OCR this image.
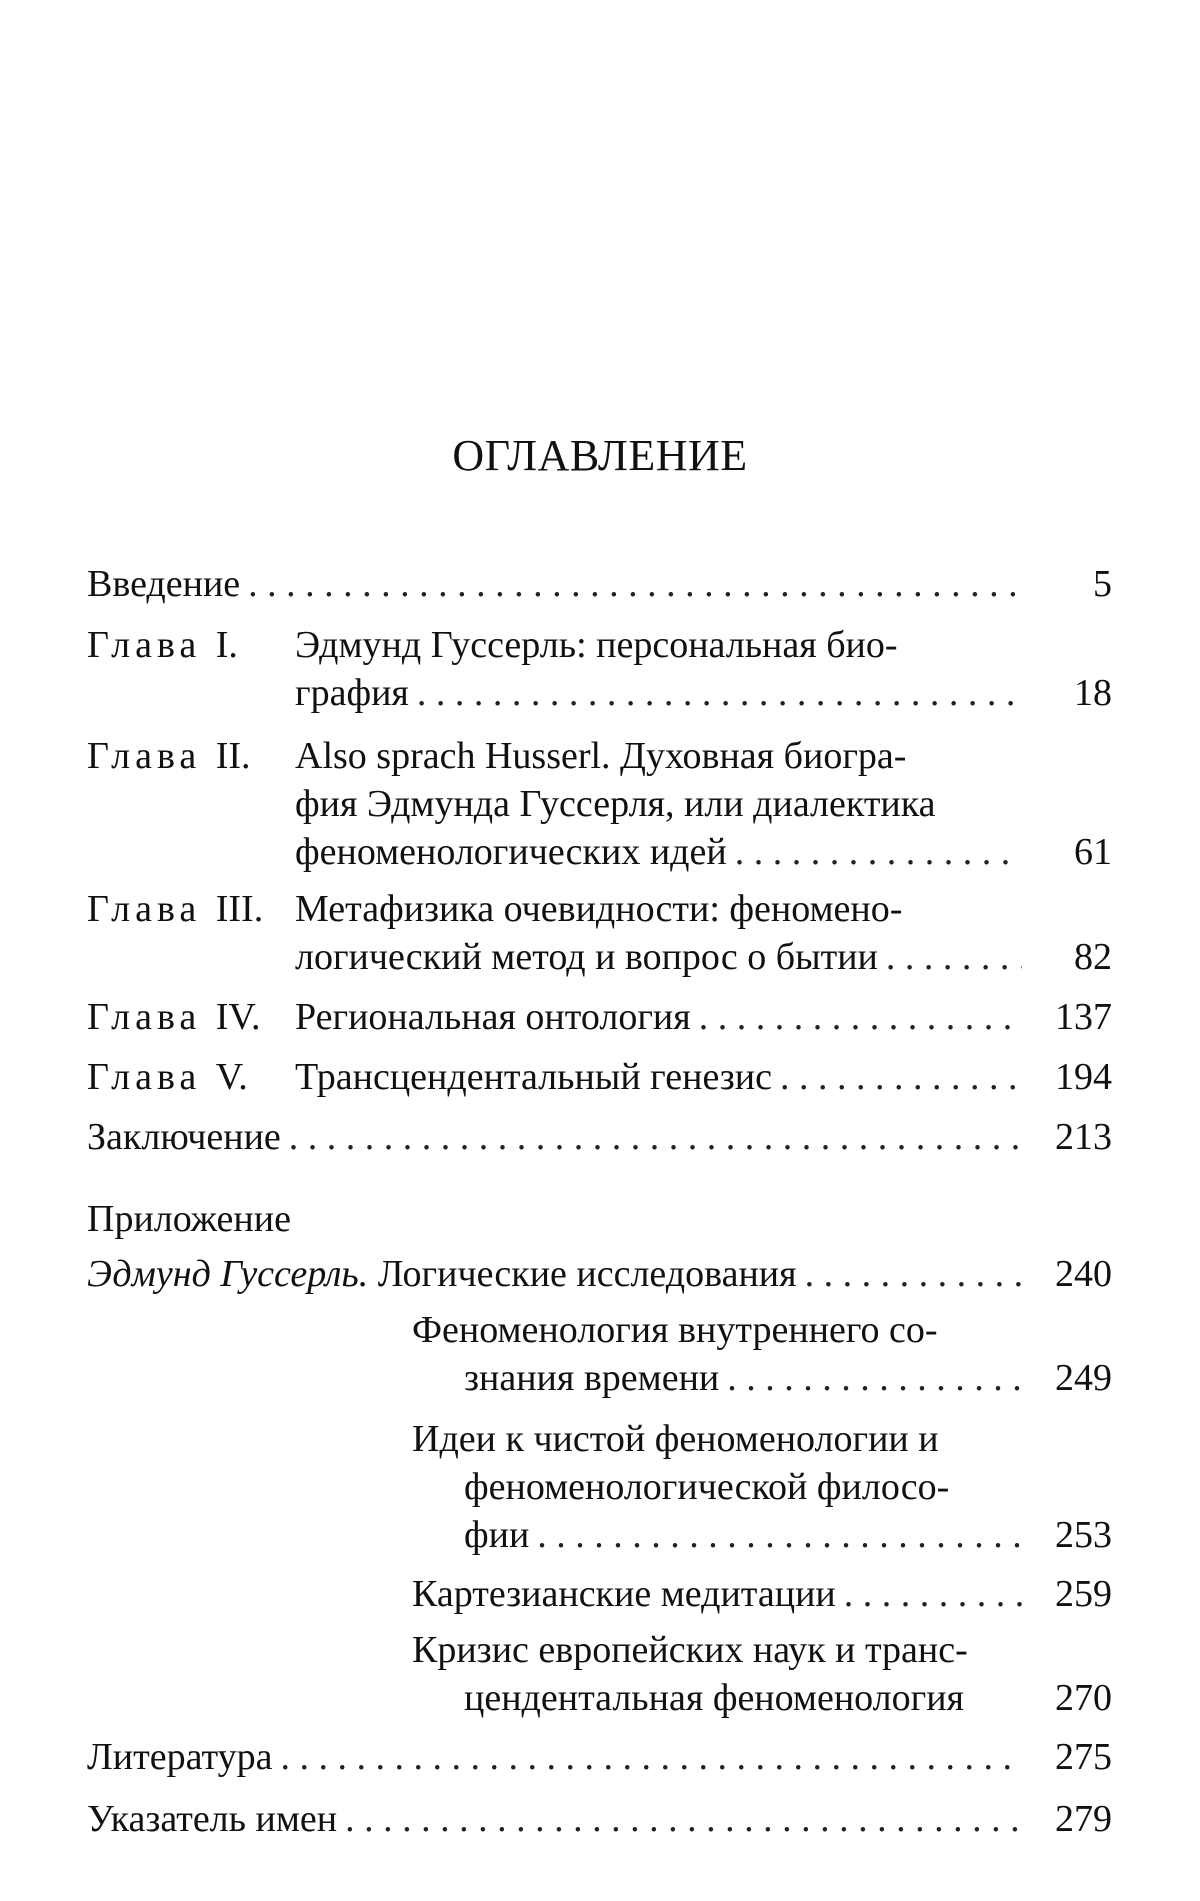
ОГЛАВЛЕНИЕ
Введение . . .	5
Глава I. Эдмунд Гуссерль: персональная био-
графия . . .	18
Глава II. Also sprach Husserl. Духовная биогра-
фия Эдмунда Гуссерля, или диалектика
феноменологических идей . . .	61
Глава III. Метафизика очевидности: феномено-
логический метод и вопрос о бытии . . .	82
Глава IV. Региональная онтология . . .	137
Глава V. Трансцендентальный генезис . . .	194
Заключение . . .	213
Приложение
Эдмунд Гуссерль. Логические исследования . . .	240
Феноменология внутреннего со-
знания времени . . .	249
Идеи к чистой феноменологии и
феноменологической филосо-
фии . . .	253
Картезианские медитации . . .	259
Кризис европейских наук и транс-
цендентальная феноменология	270
Литература . . .	275
Указатель имен . . .	279
